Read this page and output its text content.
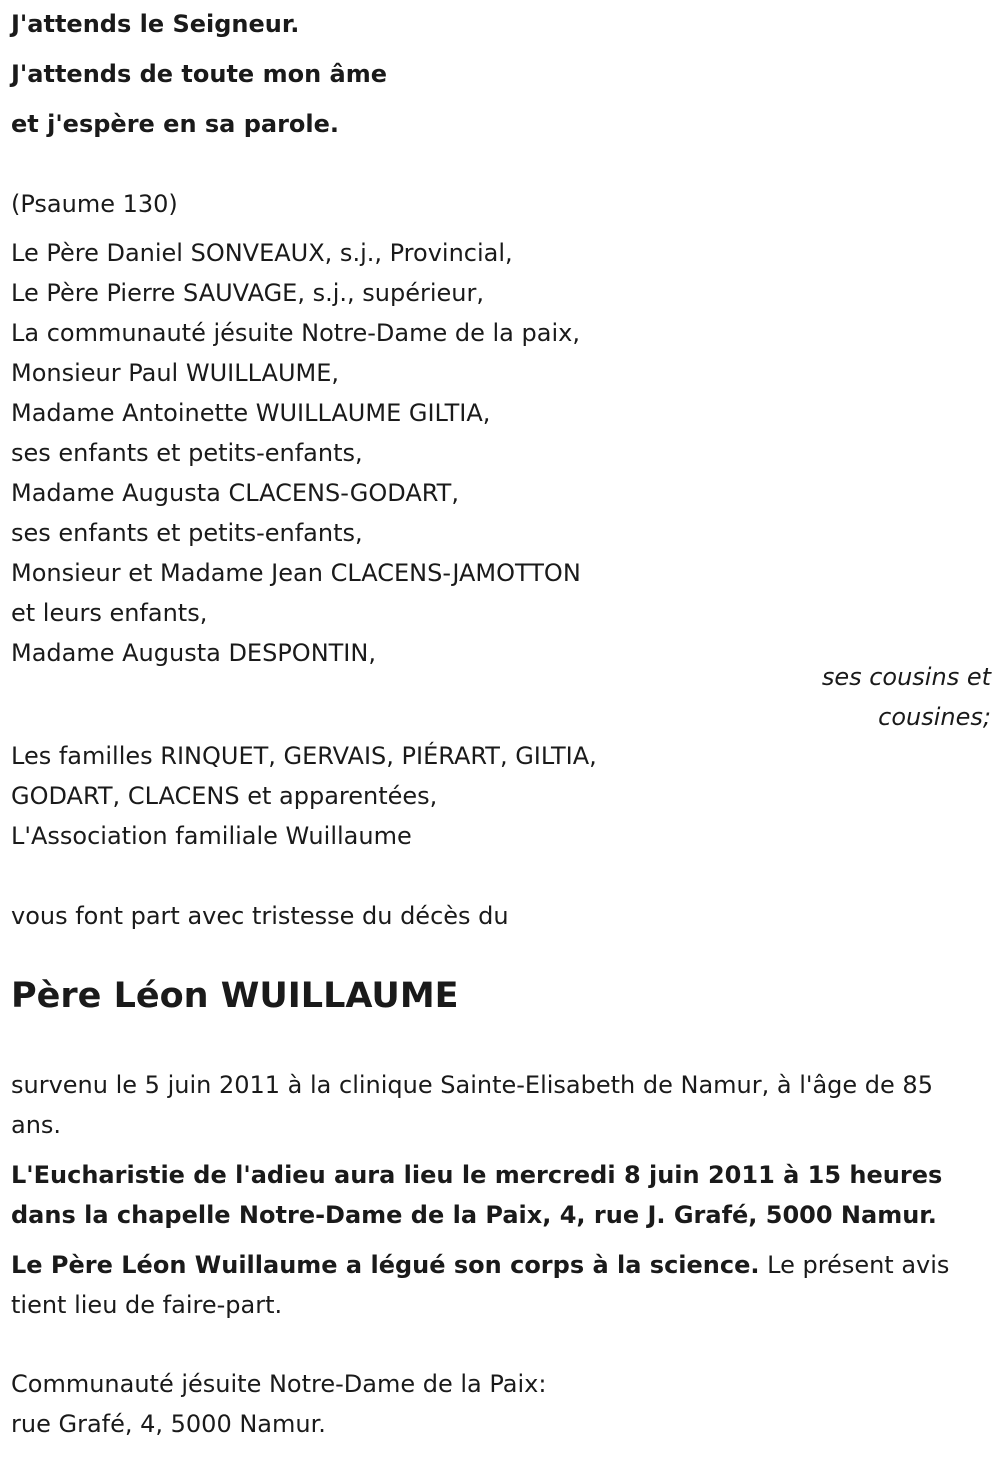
J'attends le Seigneur.
J'attends de toute mon âme
et j'espère en sa parole.
(Psaume 130)
Le Père Daniel SONVEAUX, s.j., Provincial,
Le Père Pierre SAUVAGE, s.j., supérieur,
La communauté jésuite Notre-Dame de la paix,
Monsieur Paul WUILLAUME,
Madame Antoinette WUILLAUME GILTIA,
ses enfants et petits-enfants,
Madame Augusta CLACENS-GODART,
ses enfants et petits-enfants,
Monsieur et Madame Jean CLACENS-JAMOTTON
et leurs enfants,
Madame Augusta DESPONTIN,
ses cousins et
cousines;
Les familles RINQUET, GERVAIS, PIÉRART, GILTIA,
GODART, CLACENS et apparentées,
L'Association familiale Wuillaume
vous font part avec tristesse du décès du
Père Léon WUILLAUME
survenu le 5 juin 2011 à la clinique Sainte-Elisabeth de Namur, à l'âge de 85 ans.
L'Eucharistie de l'adieu aura lieu le mercredi 8 juin 2011 à 15 heures dans la chapelle Notre-Dame de la Paix, 4, rue J. Grafé, 5000 Namur.
Le Père Léon Wuillaume a légué son corps à la science. Le présent avis tient lieu de faire-part.
Communauté jésuite Notre-Dame de la Paix:
rue Grafé, 4, 5000 Namur.
